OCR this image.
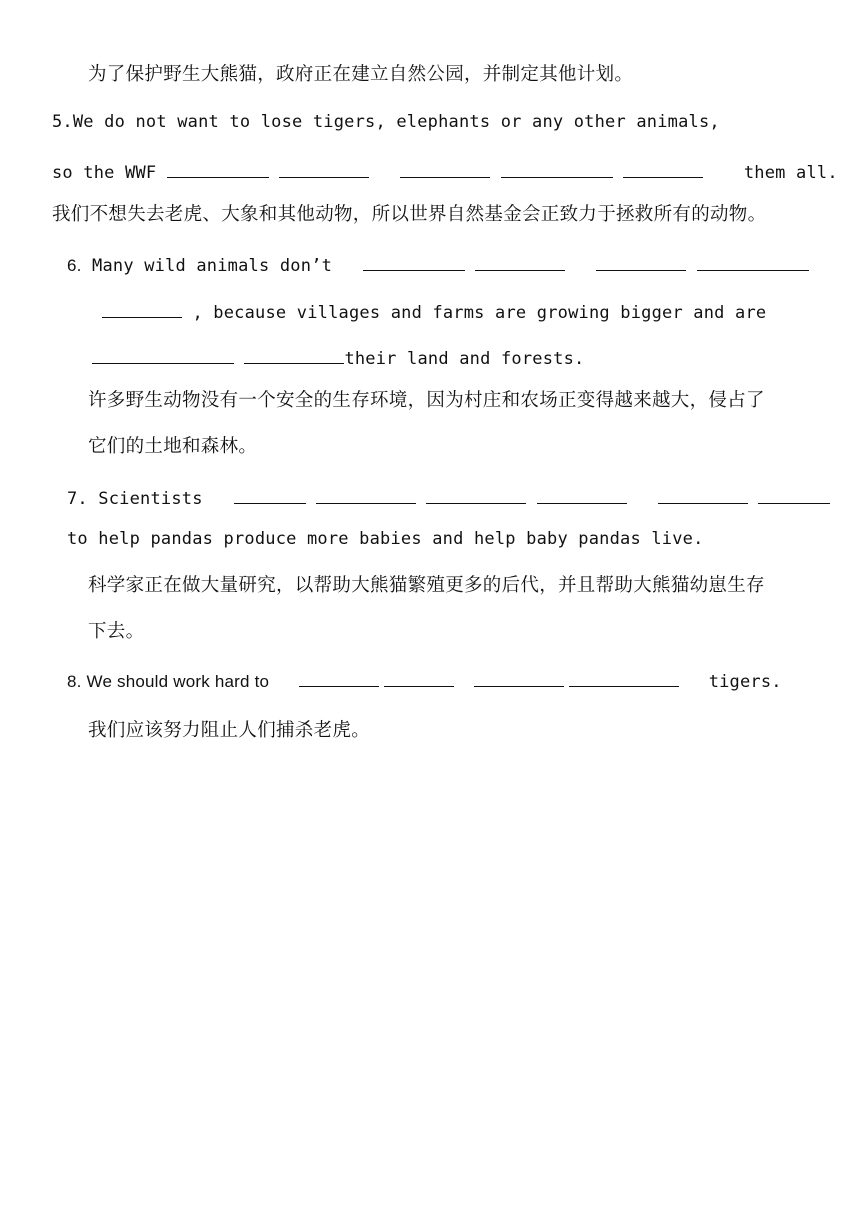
为了保护野生大熊猫，政府正在建立自然公园，并制定其他计划。
5.We do not want to lose tigers, elephants or any other animals,
so the WWF	them all.
我们不想失去老虎、大象和其他动物，所以世界自然基金会正致力于拯救所有的动物。
6. Many wild animals don’t
, because villages and farms are growing bigger and are
their land and forests.
许多野生动物没有一个安全的生存环境，因为村庄和农场正变得越来越大，侵占了
它们的土地和森林。
7. Scientists
to help pandas produce more babies and help baby pandas live.
科学家正在做大量研究，以帮助大熊猫繁殖更多的后代，并且帮助大熊猫幼崽生存
下去。
8. We should work hard to	tigers.
我们应该努力阻止人们捕杀老虎。
